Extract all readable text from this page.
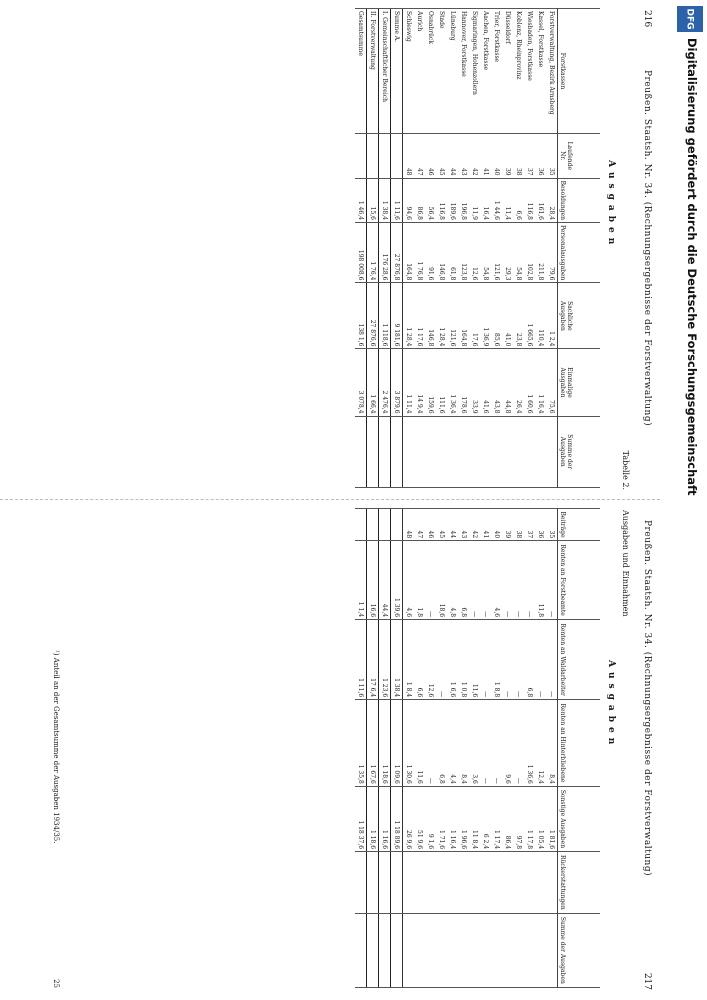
216
Preußen. Staatsh. Nr. 34. (Rechnungsergebnisse der Forstverwaltung)
Tabelle 2.
Ausgaben
Forstkassen	Laufende Nr.	Besoldungen	Personalausgaben	Sachliche Ausgaben	Einmalige Ausgaben	Summe der Ausgaben
Forstverwaltung, Bezirk Arnsberg	35	28,4	79,6	1 2,4	75,6	
Kassel, Forstkasse	36	161,6	211,8	110,4	1 16,4	
Wiesbaden, Forstkasse	37	116,8	102,8	1 665,6	1 60,6	
Koblenz, Rheinprovinz	38	6,6	54,8	23,8	26,4	
Düsseldorf	39	11,4	29,3	41,0	44,8	
Trier, Forstkasse	40	1 44,6	121,6	85,6	43,8	
Aachen, Forstkasse	41	16,4	54,8	1 36,9	41,6	
Sigmaringen, Hohenzollern	42	11,9	12,6	17,6	33,9	
Hannover, Forstkasse	43	196,8	123,8	164,8	178,6	
Lüneburg	44	189,6	61,8	121,6	1 36,4	
Stade	45	116,8	146,8	1 28,4	111,6	
Osnabrück	46	56,4	91,6	146,8	159,6	
Aurich	47	86,8	1 76,8	1 17,6	14 9,4	
Schleswig	48	94,6	164,8	1 28,4	1 11,4	
Summe A.		1 11,6	27 876,8	9 181,6	3 879,6	
I. Gemeinschaftlicher Bereich		1 38,4	176 28,6	1 118,6	2 476,4	
II. Forstverwaltung		15,6	1 76,4	27 876,6	1 66,4	
Gesamtsumme		1 46,4	198 008,6	138 1,6	3 078,4	
Preußen. Staatsh. Nr. 34. (Rechnungsergebnisse der Forstverwaltung)
217
Ausgaben und Einnahmen
Ausgaben
Beiträge	Renten an Forstbeamte	Renten an Waldarbeiter	Renten an Hinterbliebene	Sonstige Ausgaben	Rückerstattungen	Summe der Ausgaben
35	—	—	8,4	1 81,6		
36	11,8	—	12,4	1 05,4		
37	—	6,8	1 36,6	1 17,8		
38	—	—	—	97,8		
39	—	—	9,6	86,4		
40	4,6	1 8,8	—	1 17,4		
41	—	—	—	6 2,4		
42	—	11,6	3,6	11 8,4		
43	6,8	1 0,8	8,4	1 96,6		
44	4,8	1 6,6	4,4	1 16,4		
45	18,6	—	6,8	1 71,6		
46	—	12,6	—	9 1,6		
47	1,8	6,6	11,6	51 9,6		
48	4,6	1 8,4	1 30,6	26 9,6		
	1 39,6	1 38,4	1 09,6	1 18 89,6		
	44,4	1 23,6	1 18,6	1 16,6		
	16,6	17 6,4	1 67,6	1 18,6		
	1 1,4	1 11,6	1 35,8	1 18 37,6		
¹) Anteil an der Gesamtsumme der Ausgaben 1934/35.
25
DFG
Digitalisierung gefördert durch die Deutsche Forschungsgemeinschaft
